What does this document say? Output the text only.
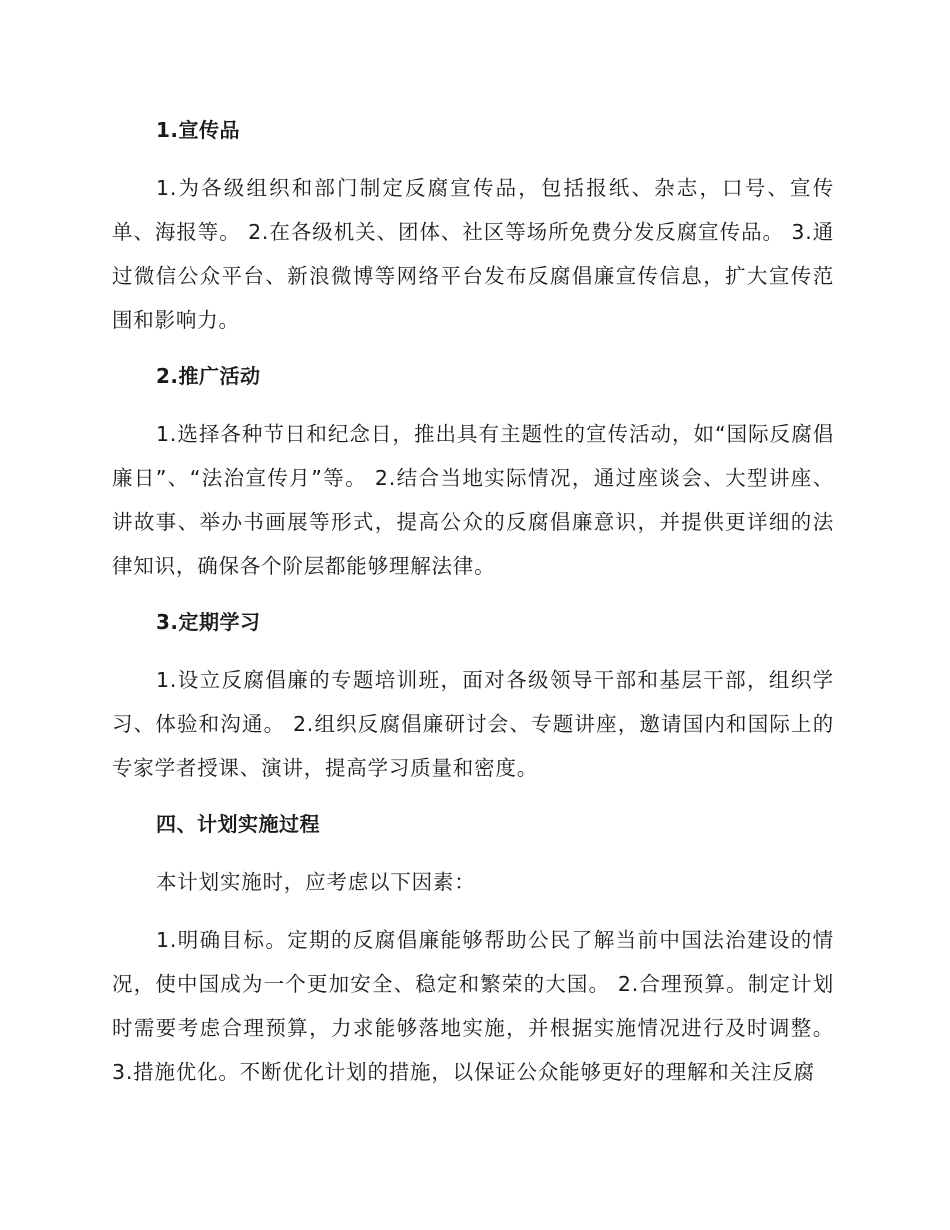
1.宣传品

1.为各级组织和部门制定反腐宣传品，包括报纸、杂志，口号、宣传单、海报等。 2.在各级机关、团体、社区等场所免费分发反腐宣传品。 3.通过微信公众平台、新浪微博等网络平台发布反腐倡廉宣传信息，扩大宣传范围和影响力。

2.推广活动

1.选择各种节日和纪念日，推出具有主题性的宣传活动，如“国际反腐倡廉日”、“法治宣传月”等。 2.结合当地实际情况，通过座谈会、大型讲座、讲故事、举办书画展等形式，提高公众的反腐倡廉意识，并提供更详细的法律知识，确保各个阶层都能够理解法律。

3.定期学习

1.设立反腐倡廉的专题培训班，面对各级领导干部和基层干部，组织学习、体验和沟通。 2.组织反腐倡廉研讨会、专题讲座，邀请国内和国际上的专家学者授课、演讲，提高学习质量和密度。

四、计划实施过程

本计划实施时，应考虑以下因素：

1.明确目标。定期的反腐倡廉能够帮助公民了解当前中国法治建设的情况，使中国成为一个更加安全、稳定和繁荣的大国。 2.合理预算。制定计划时需要考虑合理预算，力求能够落地实施，并根据实施情况进行及时调整。 3.措施优化。不断优化计划的措施，以保证公众能够更好的理解和关注反腐
